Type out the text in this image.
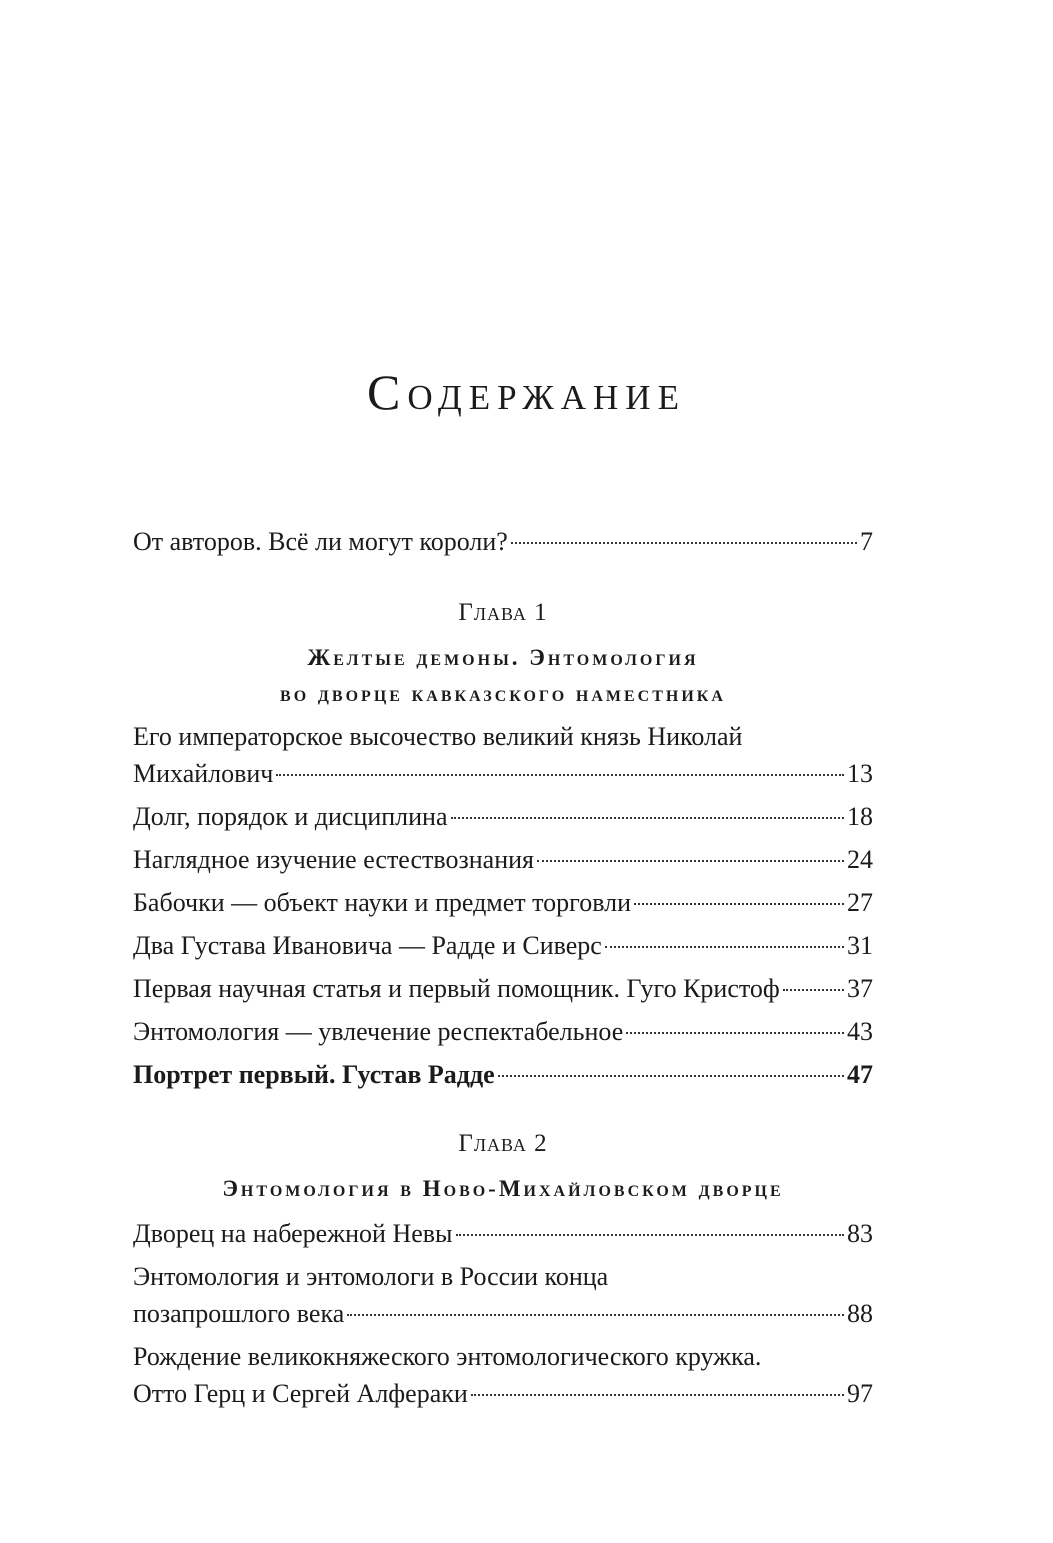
Содержание
От авторов. Всё ли могут короли?	7
Глава 1
Желтые демоны. Энтомология
во дворце кавказского наместника
Его императорское высочество великий князь Николай
Михайлович	13
Долг, порядок и дисциплина	18
Наглядное изучение естествознания	24
Бабочки — объект науки и предмет торговли	27
Два Густава Ивановича — Радде и Сиверс	31
Первая научная статья и первый помощник. Гуго Кристоф	37
Энтомология — увлечение респектабельное	43
Портрет первый. Густав Радде	47
Глава 2
Энтомология в Ново-Михайловском дворце
Дворец на набережной Невы	83
Энтомология и энтомологи в России конца
позапрошлого века	88
Рождение великокняжеского энтомологического кружка.
Отто Герц и Сергей Алфераки	97
